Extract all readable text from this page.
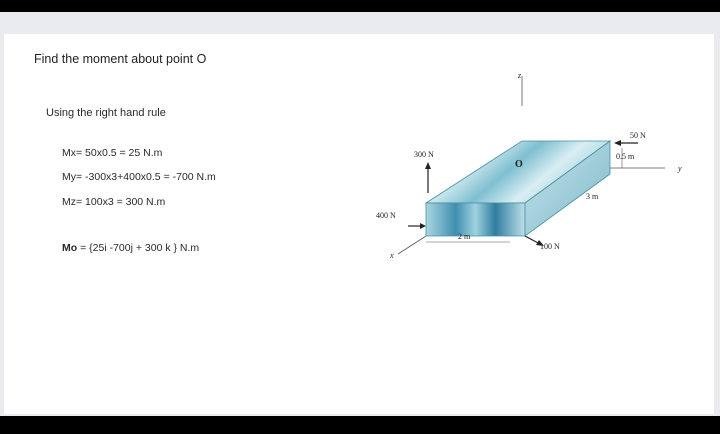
Find the moment about point O
Using the right hand rule
Mx= 50x0.5 = 25 N.m
My= -300x3+400x0.5 = -700 N.m
Mz= 100x3 = 300 N.m
Mo = {25i -700j + 300 k } N.m
z
y
x
O
300 N
400 N
100 N
50 N
0.5 m
3 m
2 m
